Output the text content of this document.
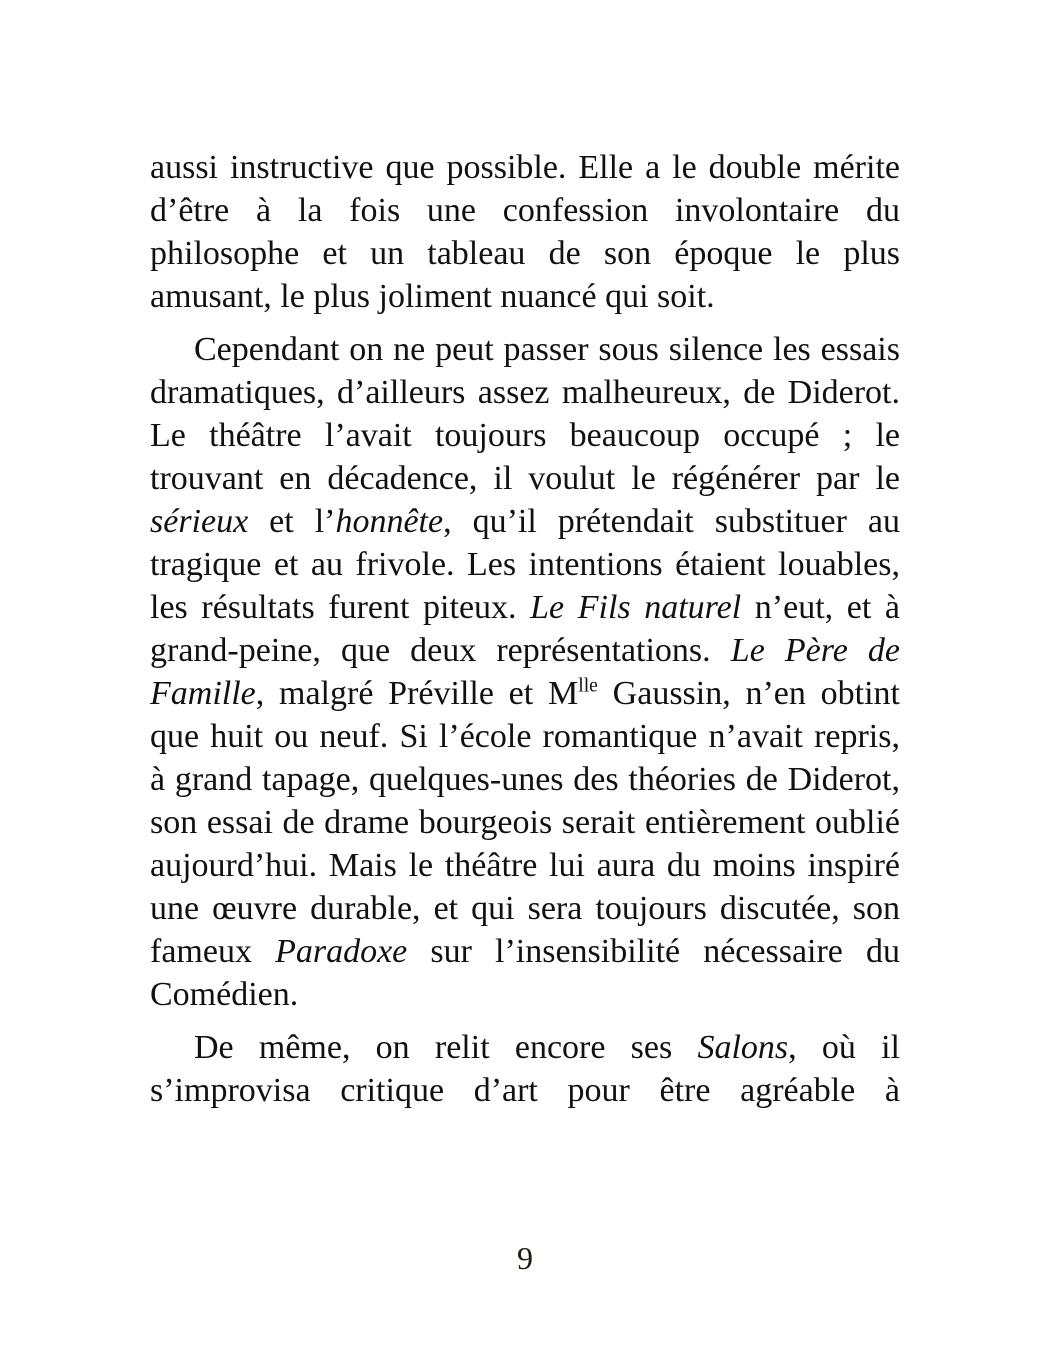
aussi instructive que possible. Elle a le double mérite d’être à la fois une confession involontaire du philosophe et un tableau de son époque le plus amusant, le plus joliment nuancé qui soit.

Cependant on ne peut passer sous silence les essais dramatiques, d’ailleurs assez malheureux, de Diderot. Le théâtre l’avait toujours beaucoup occupé ; le trouvant en décadence, il voulut le régénérer par le sérieux et l’honnête, qu’il prétendait substituer au tragique et au frivole. Les intentions étaient louables, les résultats furent piteux. Le Fils naturel n’eut, et à grand-peine, que deux représentations. Le Père de Famille, malgré Préville et $M^{lle}$ Gaussin, n’en obtint que huit ou neuf. Si l’école romantique n’avait repris, à grand tapage, quelques-unes des théories de Diderot, son essai de drame bourgeois serait entièrement oublié aujourd’hui. Mais le théâtre lui aura du moins inspiré une œuvre durable, et qui sera toujours discutée, son fameux Paradoxe sur l’insensibilité nécessaire du Comédien.

De même, on relit encore ses Salons, où il s’improvisa critique d’art pour être agréable à

9
